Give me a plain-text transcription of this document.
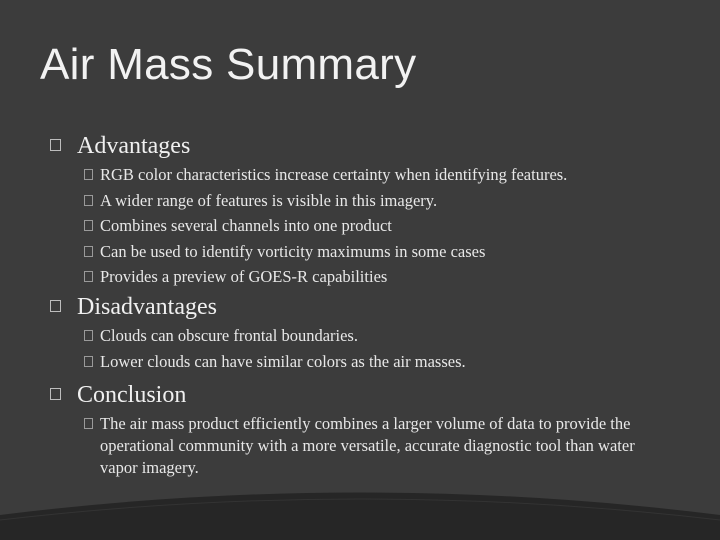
Air Mass Summary
Advantages
RGB color characteristics increase certainty when identifying features.
A wider range of features is visible in this imagery.
Combines several channels into one product
Can be used to identify vorticity maximums in some cases
Provides a preview of GOES-R capabilities
Disadvantages
Clouds can obscure frontal boundaries.
Lower clouds can have similar colors as the air masses.
Conclusion
The air mass product efficiently combines a larger volume of data to provide the operational community with a more versatile, accurate diagnostic tool than water vapor imagery.
